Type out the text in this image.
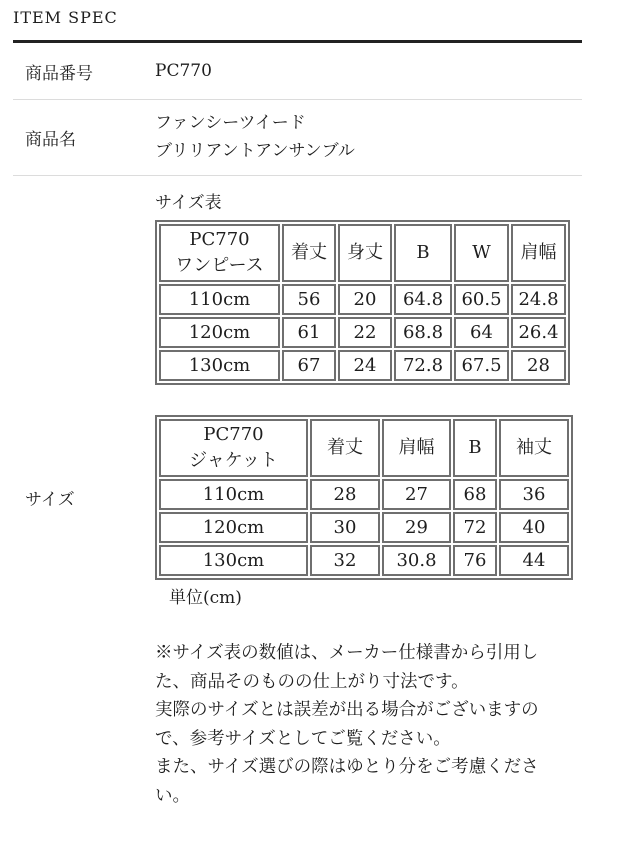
ITEM SPEC
商品番号	PC770
商品名
ファンシーツイード
ブリリアントアンサンブル
サイズ
サイズ表
PC770
ワンピース	着丈	身丈	B	W	肩幅
110cm	56	20	64.8	60.5	24.8
120cm	61	22	68.8	64	26.4
130cm	67	24	72.8	67.5	28
PC770
ジャケット	着丈	肩幅	B	袖丈
110cm	28	27	68	36
120cm	30	29	72	40
130cm	32	30.8	76	44
単位(cm)
※サイズ表の数値は、メーカー仕様書から引用し
た、商品そのものの仕上がり寸法です。
実際のサイズとは誤差が出る場合がございますの
で、参考サイズとしてご覧ください。
また、サイズ選びの際はゆとり分をご考慮くださ
い。
